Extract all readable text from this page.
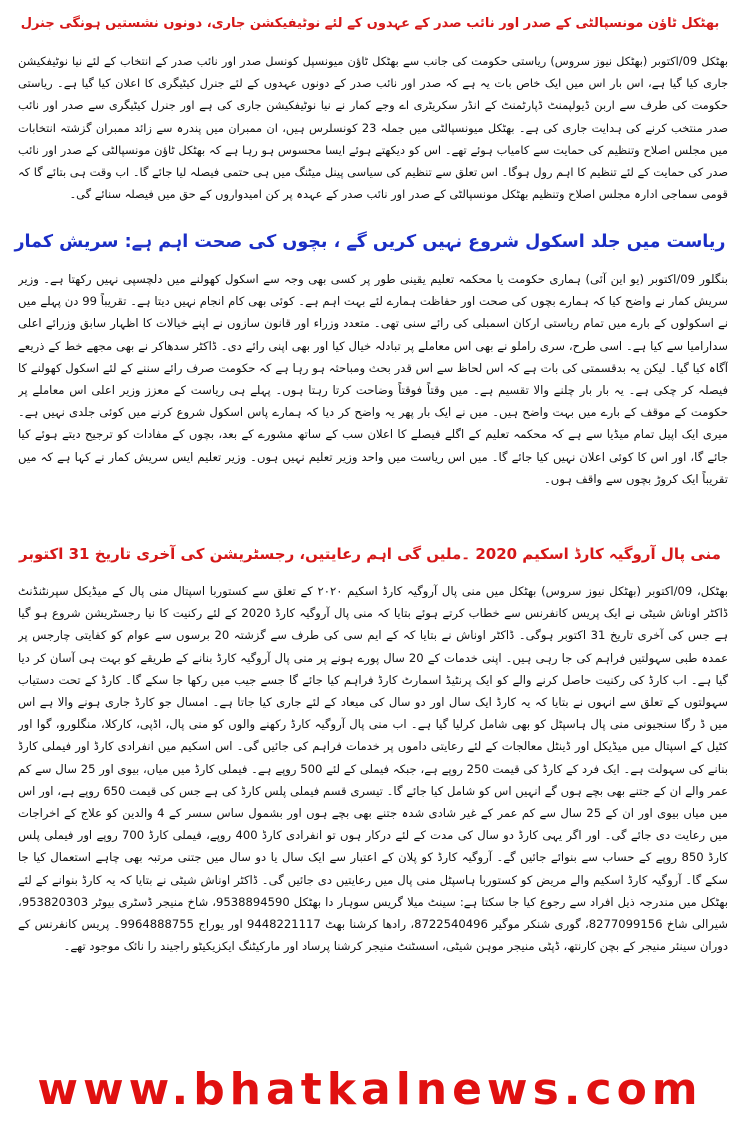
بھٹکل ٹاؤن مونسپالٹی کے صدر اور نائب صدر کے عہدوں کے لئے نوٹیفیکشن جاری، دونوں نشستیں ہونگی جنرل
بھٹکل 09/اکتوبر (بھٹکل نیوز سروس) ریاستی حکومت کی جانب سے بھٹکل ٹاؤن میونسپل کونسل صدر اور نائب صدر کے انتخاب کے لئے نیا نوٹیفکیشن جاری کیا گیا ہے، اس بار اس میں ایک خاص بات یہ ہے کہ صدر اور نائب صدر کے دونوں عہدوں کے لئے جنرل کیٹیگری کا اعلان کیا گیا ہے۔ ریاستی حکومت کی طرف سے اربن ڈیولپمنٹ ڈپارٹمنٹ کے انڈر سکریٹری اے وجے کمار نے نیا نوٹیفکیشن جاری کی ہے اور جنرل کیٹیگری سے صدر اور نائب صدر منتخب کرنے کی ہدایت جاری کی ہے۔ بھٹکل میونسپالٹی میں جملہ 23 کونسلرس ہیں، ان ممبران میں پندرہ سے زائد ممبران گزشتہ انتخابات میں مجلس اصلاح وتنظیم کی حمایت سے کامیاب ہوئے تھے۔ اس کو دیکھتے ہوئے ایسا محسوس ہو رہا ہے کہ بھٹکل ٹاؤن مونسپالٹی کے صدر اور نائب صدر کی حمایت کے لئے تنظیم کا اہم رول ہوگا۔ اس تعلق سے تنظیم کی سیاسی پینل میٹنگ میں ہی حتمی فیصلہ لیا جائے گا۔ اب وقت ہی بتائے گا کہ قومی سماجی ادارہ مجلس اصلاح وتنظیم بھٹکل مونسپالٹی کے صدر اور نائب صدر کے عہدہ پر کن امیدواروں کے حق میں فیصلہ سنائے گی۔
ریاست میں جلد اسکول شروع نہیں کریں گے ، بچوں کی صحت اہم ہے: سریش کمار
بنگلور 09/اکتوبر (یو این آئی) ہماری حکومت یا محکمہ تعلیم یقینی طور پر کسی بھی وجہ سے اسکول کھولنے میں دلچسپی نہیں رکھتا ہے۔ وزیر سریش کمار نے واضح کیا کہ ہمارے بچوں کی صحت اور حفاظت ہمارے لئے بہت اہم ہے۔ کوئی بھی کام انجام نہیں دیتا ہے۔ تقریباً 99 دن پہلے میں نے اسکولوں کے بارے میں تمام ریاستی ارکان اسمبلی کی رائے سنی تھی۔ متعدد وزراء اور قانون سازوں نے اپنے خیالات کا اظہار سابق وزرائے اعلی سدارامیا سے کیا ہے۔ اسی طرح، سری راملو نے بھی اس معاملے پر تبادلہ خیال کیا اور بھی اپنی رائے دی۔ ڈاکٹر سدھاکر نے بھی مجھے خط کے ذریعے آگاہ کیا گیا۔ لیکن یہ بدقسمتی کی بات ہے کہ اس لحاظ سے اس قدر بحث ومباحثہ ہو رہا ہے کہ حکومت صرف رائے سننے کے لئے اسکول کھولنے کا فیصلہ کر چکی ہے۔ یہ بار بار چلنے والا تقسیم ہے۔ میں وقتاً فوقتاً وضاحت کرتا رہتا ہوں۔ پہلے ہی ریاست کے معزز وزیر اعلی اس معاملے پر حکومت کے موقف کے بارے میں بہت واضح ہیں۔ میں نے ایک بار پھر یہ واضح کر دیا کہ ہمارے پاس اسکول شروع کرنے میں کوئی جلدی نہیں ہے۔ میری ایک اپیل تمام میڈیا سے ہے کہ محکمہ تعلیم کے اگلے فیصلے کا اعلان سب کے ساتھ مشورے کے بعد، بچوں کے مفادات کو ترجیح دیتے ہوئے کیا جائے گا، اور اس کا کوئی اعلان نہیں کیا جائے گا۔ میں اس ریاست میں واحد وزیر تعلیم نہیں ہوں۔ وزیر تعلیم ایس سریش کمار نے کہا ہے کہ میں تقریباً ایک کروڑ بچوں سے واقف ہوں۔
منی پال آروگیہ کارڈ اسکیم 2020 ۔ملیں گی اہم رعایتیں، رجسٹریشن کی آخری تاریخ 31 اکتوبر
بھٹکل، 09/اکتوبر (بھٹکل نیوز سروس) بھٹکل میں منی پال آروگیہ کارڈ اسکیم ۲۰۲۰ کے تعلق سے کستوربا اسپتال منی پال کے میڈیکل سپرنٹنڈنٹ ڈاکٹر اوناش شیٹی نے ایک پریس کانفرنس سے خطاب کرتے ہوئے بتایا کہ منی پال آروگیہ کارڈ 2020 کے لئے رکنیت کا نیا رجسٹریشن شروع ہو گیا ہے جس کی آخری تاریخ 31 اکتوبر ہوگی۔ ڈاکٹر اوناش نے بتایا کہ کے ایم سی کی طرف سے گزشتہ 20 برسوں سے عوام کو کفایتی چارجس پر عمدہ طبی سہولتیں فراہم کی جا رہی ہیں۔ اپنی خدمات کے 20 سال پورے ہونے پر منی پال آروگیہ کارڈ بنانے کے طریقے کو بہت ہی آسان کر دیا گیا ہے۔ اب کارڈ کی رکنیت حاصل کرنے والے کو ایک پرنٹیڈ اسمارٹ کارڈ فراہم کیا جائے گا جسے جیب میں رکھا جا سکے گا۔ کارڈ کے تحت دستیاب سہولتوں کے تعلق سے انہوں نے بتایا کہ یہ کارڈ ایک سال اور دو سال کی میعاد کے لئے جاری کیا جاتا ہے۔ امسال جو کارڈ جاری ہونے والا ہے اس میں ڈ رگا سنجیونی منی پال ہاسپٹل کو بھی شامل کرلیا گیا ہے۔ اب منی پال آروگیہ کارڈ رکھنے والوں کو منی پال، اڈپی، کارکلا، منگلورو، گوا اور کٹیل کے اسپتال میں میڈیکل اور ڈینٹل معالجات کے لئے رعایتی داموں پر خدمات فراہم کی جائیں گی۔ اس اسکیم میں انفرادی کارڈ اور فیملی کارڈ بنانے کی سہولت ہے۔ ایک فرد کے کارڈ کی قیمت 250 روپے ہے، جبکہ فیملی کے لئے 500 روپے ہے۔ فیملی کارڈ میں میاں، بیوی اور 25 سال سے کم عمر والے ان کے جتنے بھی بچے ہوں گے انہیں اس کو شامل کیا جائے گا۔ تیسری قسم فیملی پلس کارڈ کی ہے جس کی قیمت 650 روپے ہے، اور اس میں میاں بیوی اور ان کے 25 سال سے کم عمر کے غیر شادی شدہ جتنے بھی بچے ہوں اور بشمول ساس سسر کے 4 والدین کو علاج کے اخراجات میں رعایت دی جائے گی۔ اور اگر یہی کارڈ دو سال کی مدت کے لئے درکار ہوں تو انفرادی کارڈ 400 روپے، فیملی کارڈ 700 روپے اور فیملی پلس کارڈ 850 روپے کے حساب سے بنوائے جائیں گے۔ آروگیہ کارڈ کو پلان کے اعتبار سے ایک سال یا دو سال میں جتنی مرتبہ بھی چاہے استعمال کیا جا سکے گا۔ آروگیہ کارڈ اسکیم والے مریض کو کستوربا ہاسپٹل منی پال میں رعایتیں دی جائیں گی۔ ڈاکٹر اوناش شیٹی نے بتایا کہ یہ کارڈ بنوانے کے لئے بھٹکل میں مندرجہ ذیل افراد سے رجوع کیا جا سکتا ہے: سینٹ میلا گریس سوہار دا بھٹکل 9538894590، شاخ منیجر ڈسٹری بیوٹر 953820303، شیرالی شاخ 8277099156، گوری شنکر موگیر 8722540496، رادھا کرشنا بھٹ 9448221117 اور یوراج 9964888755۔ پریس کانفرنس کے دوران سینئر منیجر کے بچن کارنتھ، ڈپٹی منیجر موہن شیٹی، اسسٹنٹ منیجر کرشنا پرساد اور مارکیٹنگ ایکزیکیٹو راجیند را نائک موجود تھے۔
www.bhatkalnews.com
